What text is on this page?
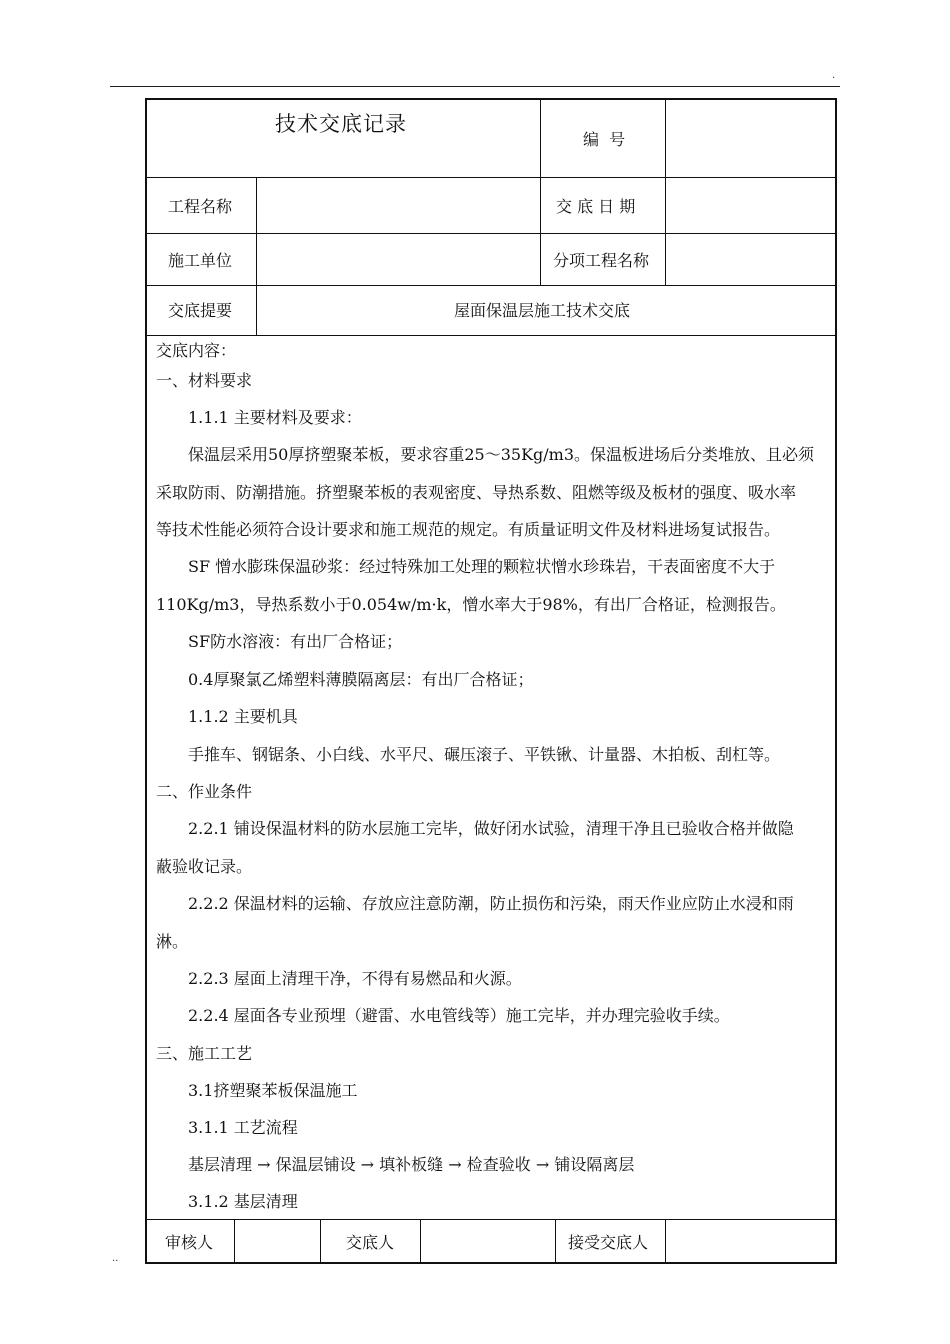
.
··
技术交底记录
编  号
工程名称	交 底 日 期
施工单位	分项工程名称
交底提要	屋面保温层施工技术交底
交底内容：
一、材料要求
1.1.1 主要材料及要求：
保温层采用50厚挤塑聚苯板，要求容重25～35Kg/m3。保温板进场后分类堆放、且必须
采取防雨、防潮措施。挤塑聚苯板的表观密度、导热系数、阻燃等级及板材的强度、吸水率
等技术性能必须符合设计要求和施工规范的规定。有质量证明文件及材料进场复试报告。
SF 憎水膨珠保温砂浆：经过特殊加工处理的颗粒状憎水珍珠岩，干表面密度不大于
110Kg/m3，导热系数小于0.054w/m·k，憎水率大于98%，有出厂合格证，检测报告。
SF防水溶液：有出厂合格证；
0.4厚聚氯乙烯塑料薄膜隔离层：有出厂合格证；
1.1.2 主要机具
手推车、钢锯条、小白线、水平尺、碾压滚子、平铁锹、计量器、木拍板、刮杠等。
二、作业条件
2.2.1 铺设保温材料的防水层施工完毕，做好闭水试验，清理干净且已验收合格并做隐
蔽验收记录。
2.2.2 保温材料的运输、存放应注意防潮，防止损伤和污染，雨天作业应防止水浸和雨
淋。
2.2.3 屋面上清理干净，不得有易燃品和火源。
2.2.4 屋面各专业预埋（避雷、水电管线等）施工完毕，并办理完验收手续。
三、施工工艺
3.1挤塑聚苯板保温施工
3.1.1 工艺流程
基层清理 → 保温层铺设 → 填补板缝 → 检查验收 → 铺设隔离层
3.1.2 基层清理
审核人	交底人	接受交底人
